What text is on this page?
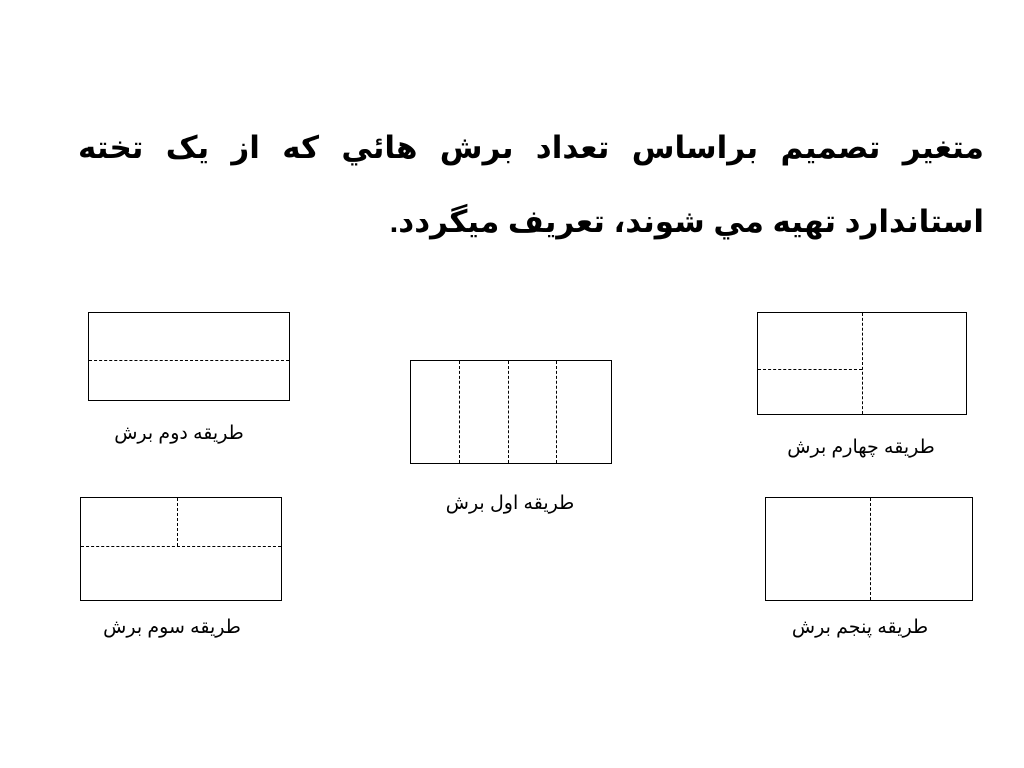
متغير تصميم براساس تعداد برش هائي که از يک تخته
استاندارد تهيه مي شوند، تعريف ميگردد.
طريقه دوم برش
طريقه اول برش
طريقه چهارم برش
طريقه سوم برش	طريقه پنجم برش
